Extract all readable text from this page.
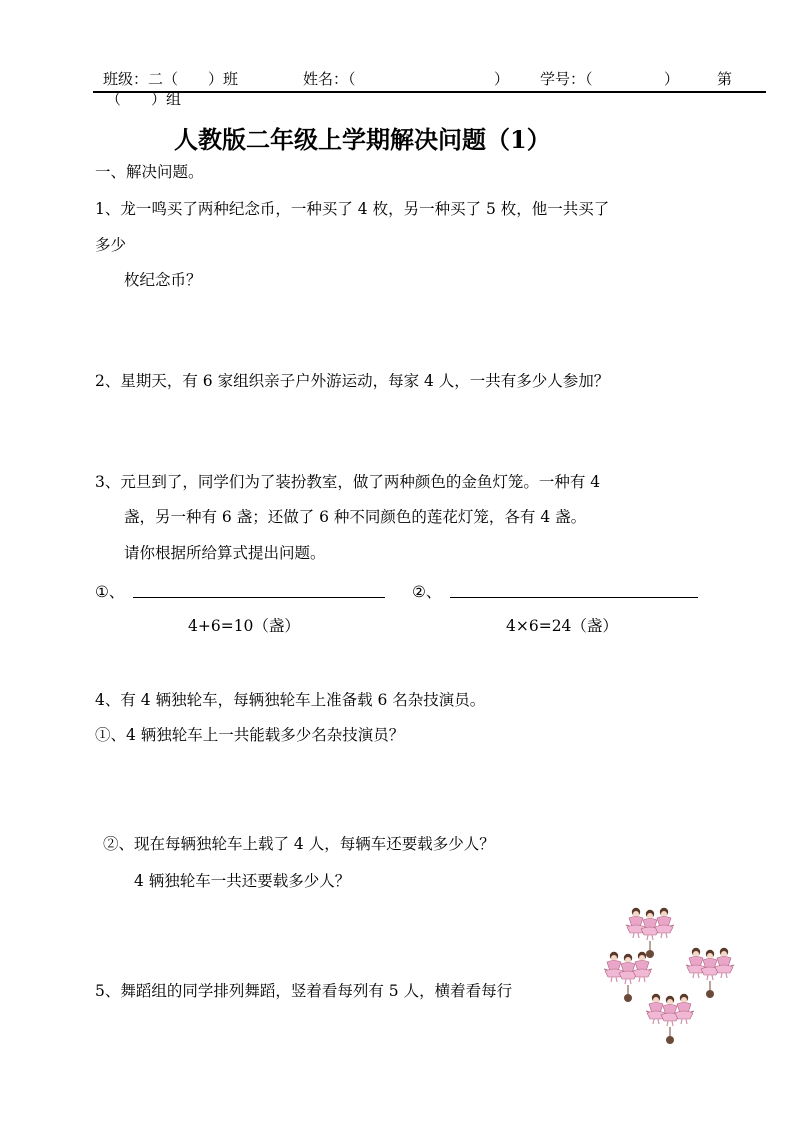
班级：二（　　）班	姓名：（	） 学号：（	）	第
（　　）组
人教版二年级上学期解决问题（1）
一、解决问题。
1、龙一鸣买了两种纪念币，一种买了 4 枚，另一种买了 5 枚，他一共买了
多少
枚纪念币？
2、星期天，有 6 家组织亲子户外游运动，每家 4 人，一共有多少人参加？
3、元旦到了，同学们为了装扮教室，做了两种颜色的金鱼灯笼。一种有 4
盏，另一种有 6 盏；还做了 6 种不同颜色的莲花灯笼，各有 4 盏。
请你根据所给算式提出问题。
①、	②、
4+6=10（盏）	4×6=24（盏）
4、有 4 辆独轮车，每辆独轮车上准备载 6 名杂技演员。
①、4 辆独轮车上一共能载多少名杂技演员？
②、现在每辆独轮车上载了 4 人，每辆车还要载多少人？
4 辆独轮车一共还要载多少人？
5、舞蹈组的同学排列舞蹈，竖着看每列有 5 人，横着看每行
